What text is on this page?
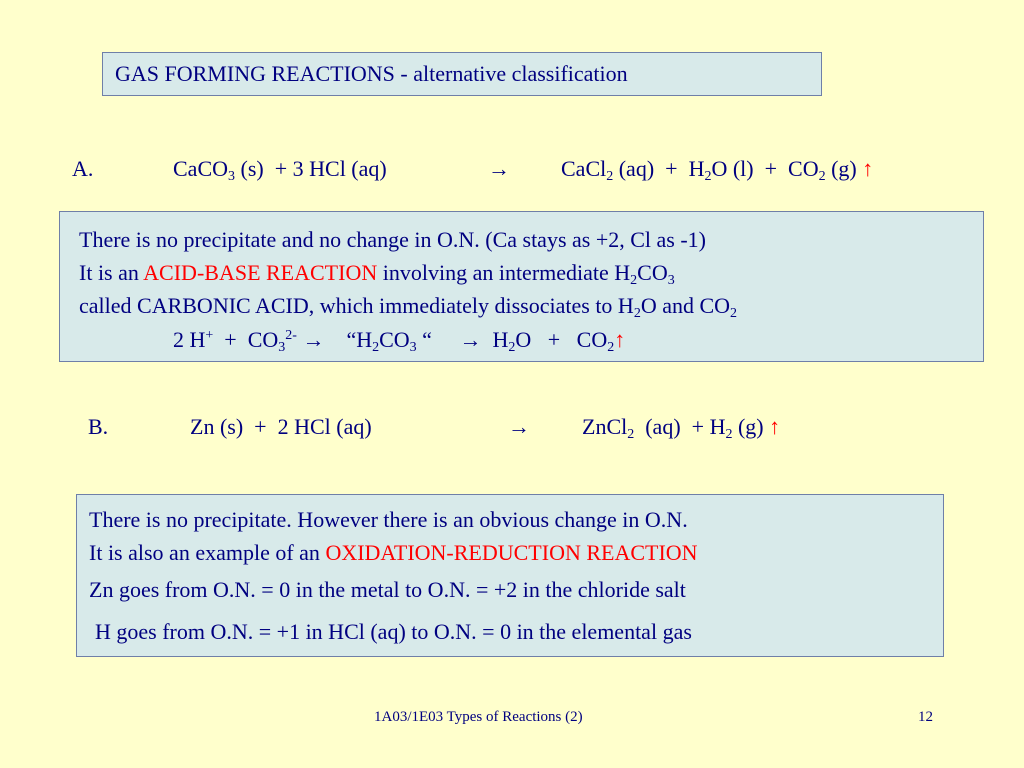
GAS FORMING REACTIONS - alternative classification
A.	CaCO$_3$ (s) + 3 HCl (aq)	→ CaCl$_2$ $(aq) + H_2O$ $(l) + CO_2$ (g) ↑
There is no precipitate and no change in O.N. (Ca stays as +2, Cl as -1)
It is an ACID-BASE REACTION involving an intermediate $H_2CO_3$
called CARBONIC ACID, which immediately dissociates to $H_2O$ and $CO_2$
2 $H^+ + CO_3^{2-}$ → “$H_2CO_3$ “ → $H_2O$ + $CO_2↑$
B.	Zn (s) + 2 HCl (aq)	→ ZnCl$_2$ $(aq) + H_2$ (g) ↑
There is no precipitate. However there is an obvious change in O.N.
It is also an example of an OXIDATION-REDUCTION REACTION
Zn goes from O.N. = 0 in the metal to O.N. = +2 in the chloride salt
H goes from O.N. = +1 in HCl (aq) to O.N. = 0 in the elemental gas
1A03/1E03 Types of Reactions (2)	12
